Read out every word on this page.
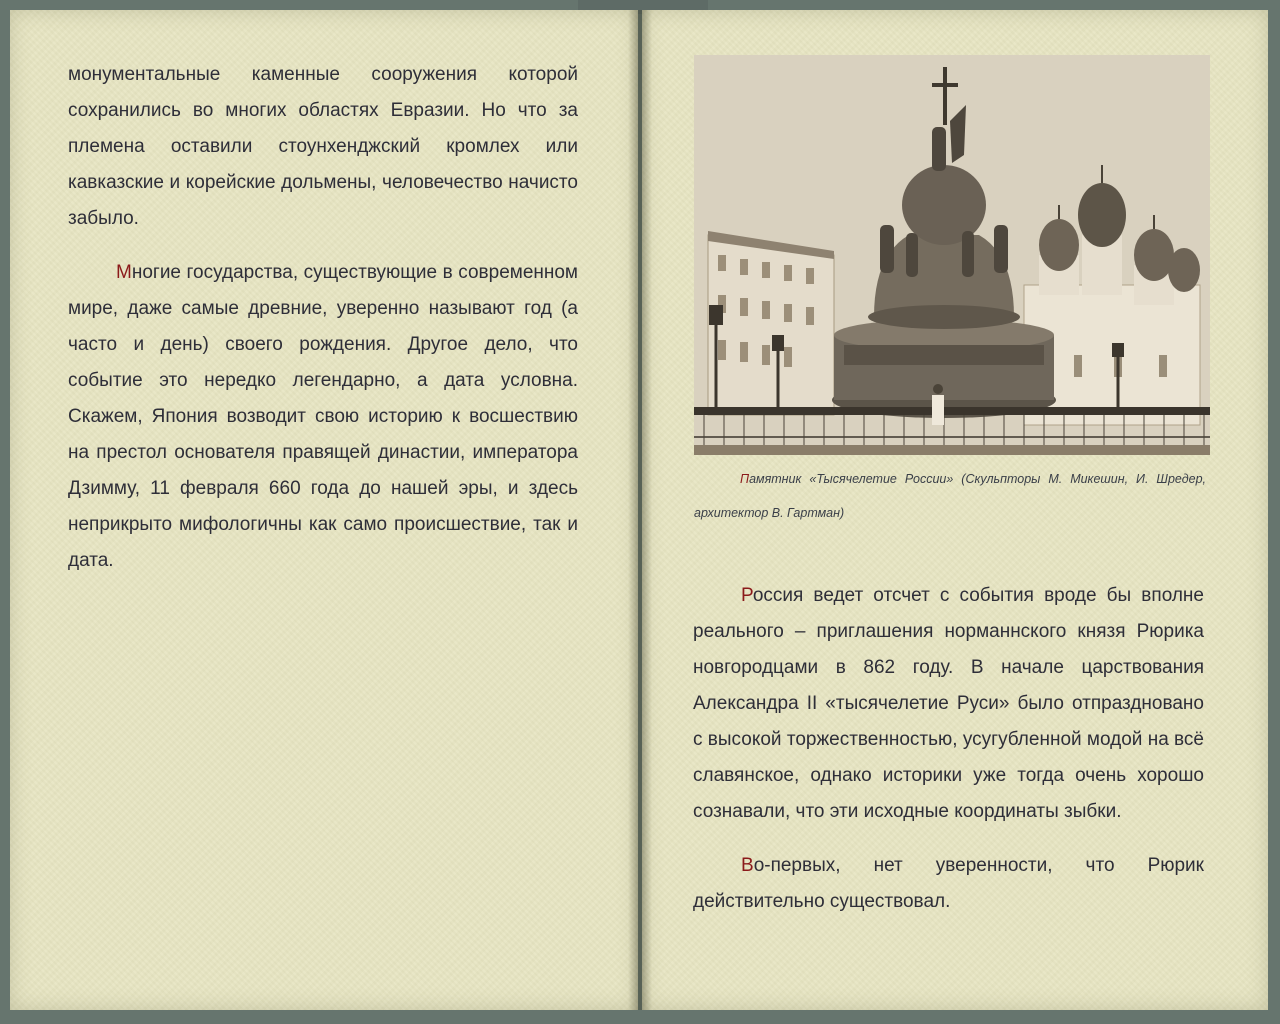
монументальные каменные сооружения которой сохранились во многих областях Евразии. Но что за племена оставили стоунхенджский кромлех или кавказские и корейские дольмены, человечество начисто забыло.

Многие государства, существующие в современном мире, даже самые древние, уверенно называют год (а часто и день) своего рождения. Другое дело, что событие это нередко легендарно, а дата условна. Скажем, Япония возводит свою историю к восшествию на престол основателя правящей династии, императора Дзимму, 11 февраля 660 года до нашей эры, и здесь неприкрыто мифологичны как само происшествие, так и дата.

Памятник «Тысячелетие России» (Скульпторы М. Микешин, И. Шредер, архитектор В. Гартман)

Россия ведет отсчет с события вроде бы вполне реального – приглашения норманнского князя Рюрика новгородцами в 862 году. В начале царствования Александра II «тысячелетие Руси» было отпраздновано с высокой торжественностью, усугубленной модой на всё славянское, однако историки уже тогда очень хорошо сознавали, что эти исходные координаты зыбки.

Во-первых, нет уверенности, что Рюрик действительно существовал.
